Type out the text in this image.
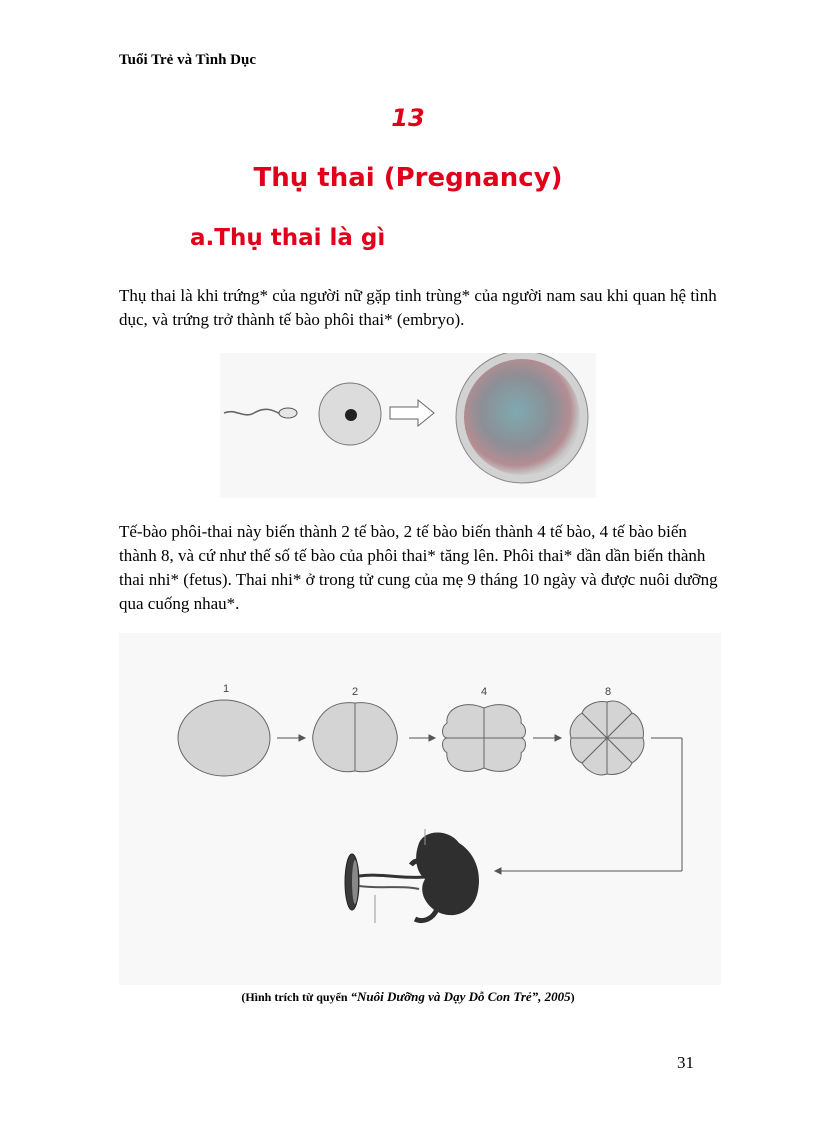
Tuổi Trẻ và Tình Dục
13
Thụ thai (Pregnancy)
a.Thụ thai là gì

Thụ thai là khi trứng* của người nữ gặp tinh trùng* của người nam sau khi quan hệ tình dục, và trứng trở thành tế bào phôi thai* (embryo).

Tế-bào phôi-thai này biến thành 2 tế bào, 2 tế bào biến thành 4 tế bào, 4 tế bào biến thành 8, và cứ như thế số tế bào của phôi thai* tăng lên. Phôi thai* dần dần biến thành thai nhi* (fetus). Thai nhi* ở trong tử cung của mẹ 9 tháng 10 ngày và được nuôi dưỡng qua cuống nhau*.

1	2	4	8
(Hình trích từ quyển “Nuôi Dưỡng và Dạy Dỗ Con Trẻ”, 2005)
31
